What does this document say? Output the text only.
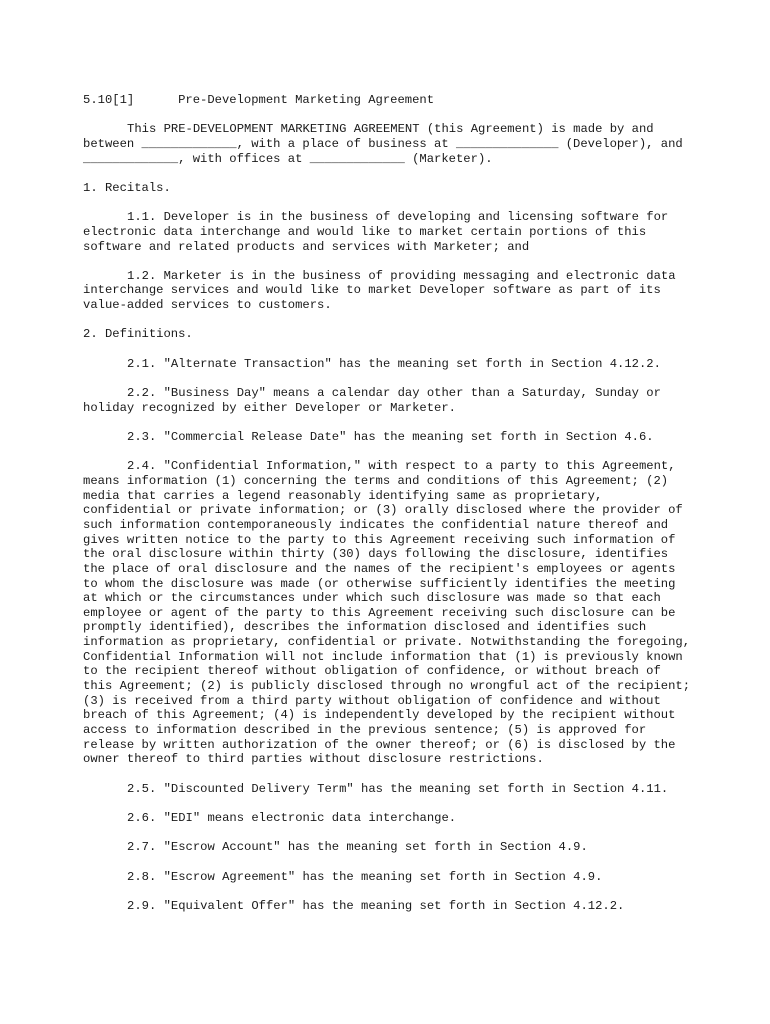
5.10[1]      Pre-Development Marketing Agreement
This PRE-DEVELOPMENT MARKETING AGREEMENT (this Agreement) is made by and between _____________, with a place of business at ______________ (Developer), and _____________, with offices at _____________ (Marketer).
1. Recitals.
1.1. Developer is in the business of developing and licensing software for electronic data interchange and would like to market certain portions of this software and related products and services with Marketer; and
1.2. Marketer is in the business of providing messaging and electronic data interchange services and would like to market Developer software as part of its value-added services to customers.
2. Definitions.
2.1. "Alternate Transaction" has the meaning set forth in Section 4.12.2.
2.2. "Business Day" means a calendar day other than a Saturday, Sunday or holiday recognized by either Developer or Marketer.
2.3. "Commercial Release Date" has the meaning set forth in Section 4.6.
2.4. "Confidential Information," with respect to a party to this Agreement, means information (1) concerning the terms and conditions of this Agreement; (2) media that carries a legend reasonably identifying same as proprietary, confidential or private information; or (3) orally disclosed where the provider of such information contemporaneously indicates the confidential nature thereof and gives written notice to the party to this Agreement receiving such information of the oral disclosure within thirty (30) days following the disclosure, identifies the place of oral disclosure and the names of the recipient's employees or agents to whom the disclosure was made (or otherwise sufficiently identifies the meeting at which or the circumstances under which such disclosure was made so that each employee or agent of the party to this Agreement receiving such disclosure can be promptly identified), describes the information disclosed and identifies such information as proprietary, confidential or private. Notwithstanding the foregoing, Confidential Information will not include information that (1) is previously known to the recipient thereof without obligation of confidence, or without breach of this Agreement; (2) is publicly disclosed through no wrongful act of the recipient; (3) is received from a third party without obligation of confidence and without breach of this Agreement; (4) is independently developed by the recipient without access to information described in the previous sentence; (5) is approved for release by written authorization of the owner thereof; or (6) is disclosed by the owner thereof to third parties without disclosure restrictions.
2.5. "Discounted Delivery Term" has the meaning set forth in Section 4.11.
2.6. "EDI" means electronic data interchange.
2.7. "Escrow Account" has the meaning set forth in Section 4.9.
2.8. "Escrow Agreement" has the meaning set forth in Section 4.9.
2.9. "Equivalent Offer" has the meaning set forth in Section 4.12.2.
